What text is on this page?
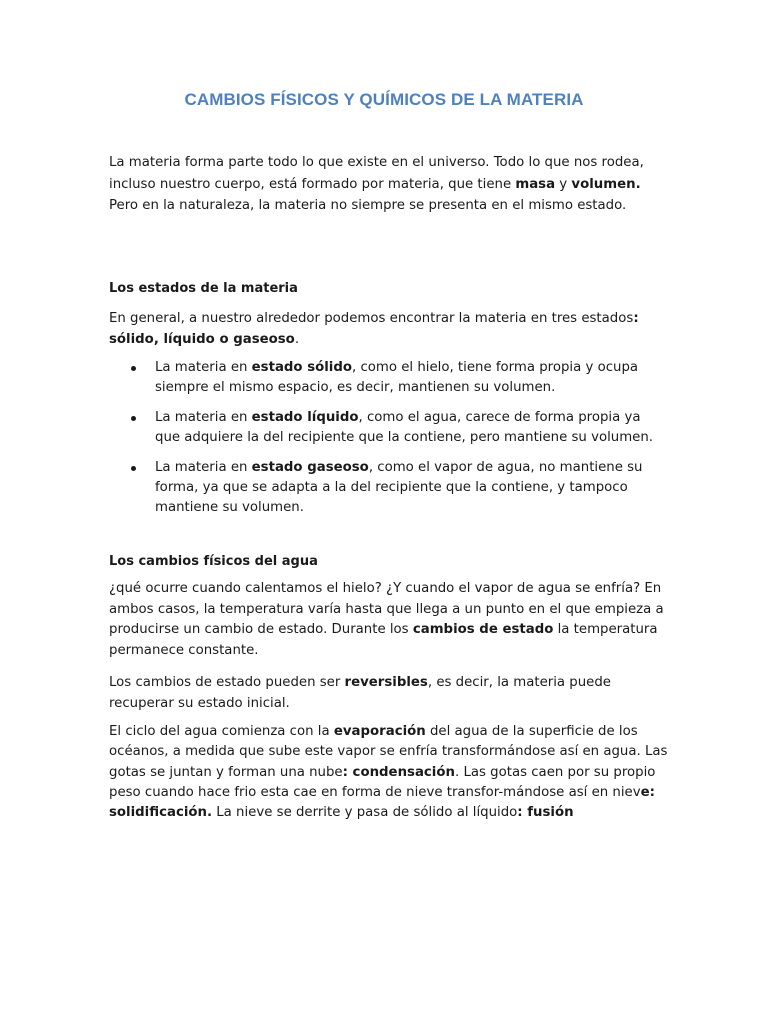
CAMBIOS FÍSICOS Y QUÍMICOS DE LA MATERIA

La materia forma parte todo lo que existe en el universo. Todo lo que nos rodea, incluso nuestro cuerpo, está formado por materia, que tiene masa y volumen. Pero en la naturaleza, la materia no siempre se presenta en el mismo estado.

Los estados de la materia

En general, a nuestro alrededor podemos encontrar la materia en tres estados: sólido, líquido o gaseoso.

La materia en estado sólido, como el hielo, tiene forma propia y ocupa siempre el mismo espacio, es decir, mantienen su volumen.
La materia en estado líquido, como el agua, carece de forma propia ya que adquiere la del recipiente que la contiene, pero mantiene su volumen.
La materia en estado gaseoso, como el vapor de agua, no mantiene su forma, ya que se adapta a la del recipiente que la contiene, y tampoco mantiene su volumen.
Los cambios físicos del agua

¿qué ocurre cuando calentamos el hielo? ¿Y cuando el vapor de agua se enfría? En ambos casos, la temperatura varía hasta que llega a un punto en el que empieza a producirse un cambio de estado. Durante los cambios de estado la temperatura permanece constante.

Los cambios de estado pueden ser reversibles, es decir, la materia puede recuperar su estado inicial.

El ciclo del agua comienza con la evaporación del agua de la superficie de los océanos, a medida que sube este vapor se enfría transformándose así en agua. Las gotas se juntan y forman una nube: condensación. Las gotas caen por su propio peso cuando hace frio esta cae en forma de nieve transfor-mándose así en nieve: solidificación. La nieve se derrite y pasa de sólido al líquido: fusión
